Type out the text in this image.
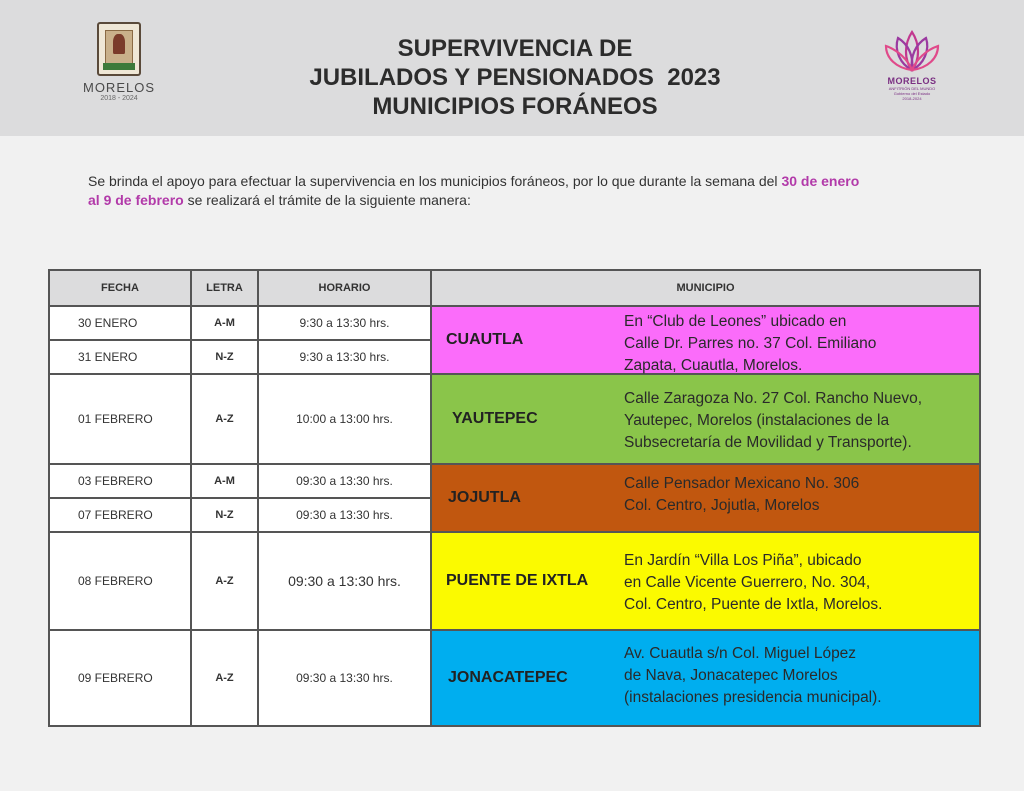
MORELOS
2018 - 2024
SUPERVIVENCIA DE
JUBILADOS Y PENSIONADOS  2023
MUNICIPIOS FORÁNEOS
MORELOS
ANFITRIÓN DEL MUNDO
Gobierno del Estado
2018-2024
Se brinda el apoyo para efectuar la supervivencia en los municipios foráneos, por lo que durante la semana del 30 de enero
al 9 de febrero se realizará el trámite de la siguiente manera:
FECHA	LETRA	HORARIO	MUNICIPIO
30 ENERO	A-M	9:30 a 13:30 hrs.	CUAUTLA
En “Club de Leones” ubicado en
Calle Dr. Parres no. 37 Col. Emiliano
Zapata, Cuautla, Morelos.

31 ENERO	N-Z	9:30 a 13:30 hrs.	
01 FEBRERO	A-Z	10:00 a 13:00 hrs.	YAUTEPEC
Calle Zaragoza No. 27 Col. Rancho Nuevo,
Yautepec, Morelos (instalaciones de la
Subsecretaría de Movilidad y Transporte).

03 FEBRERO	A-M	09:30 a 13:30 hrs.	JOJUTLA
Calle Pensador Mexicano No. 306
Col. Centro, Jojutla, Morelos

07 FEBRERO	N-Z	09:30 a 13:30 hrs.	
08 FEBRERO	A-Z	09:30 a 13:30 hrs.	PUENTE DE IXTLA
En Jardín “Villa Los Piña”, ubicado
en Calle Vicente Guerrero, No. 304,
Col. Centro, Puente de Ixtla, Morelos.

09 FEBRERO	A-Z	09:30 a 13:30 hrs.	JONACATEPEC
Av. Cuautla s/n Col. Miguel López
de Nava, Jonacatepec Morelos
(instalaciones presidencia municipal).
